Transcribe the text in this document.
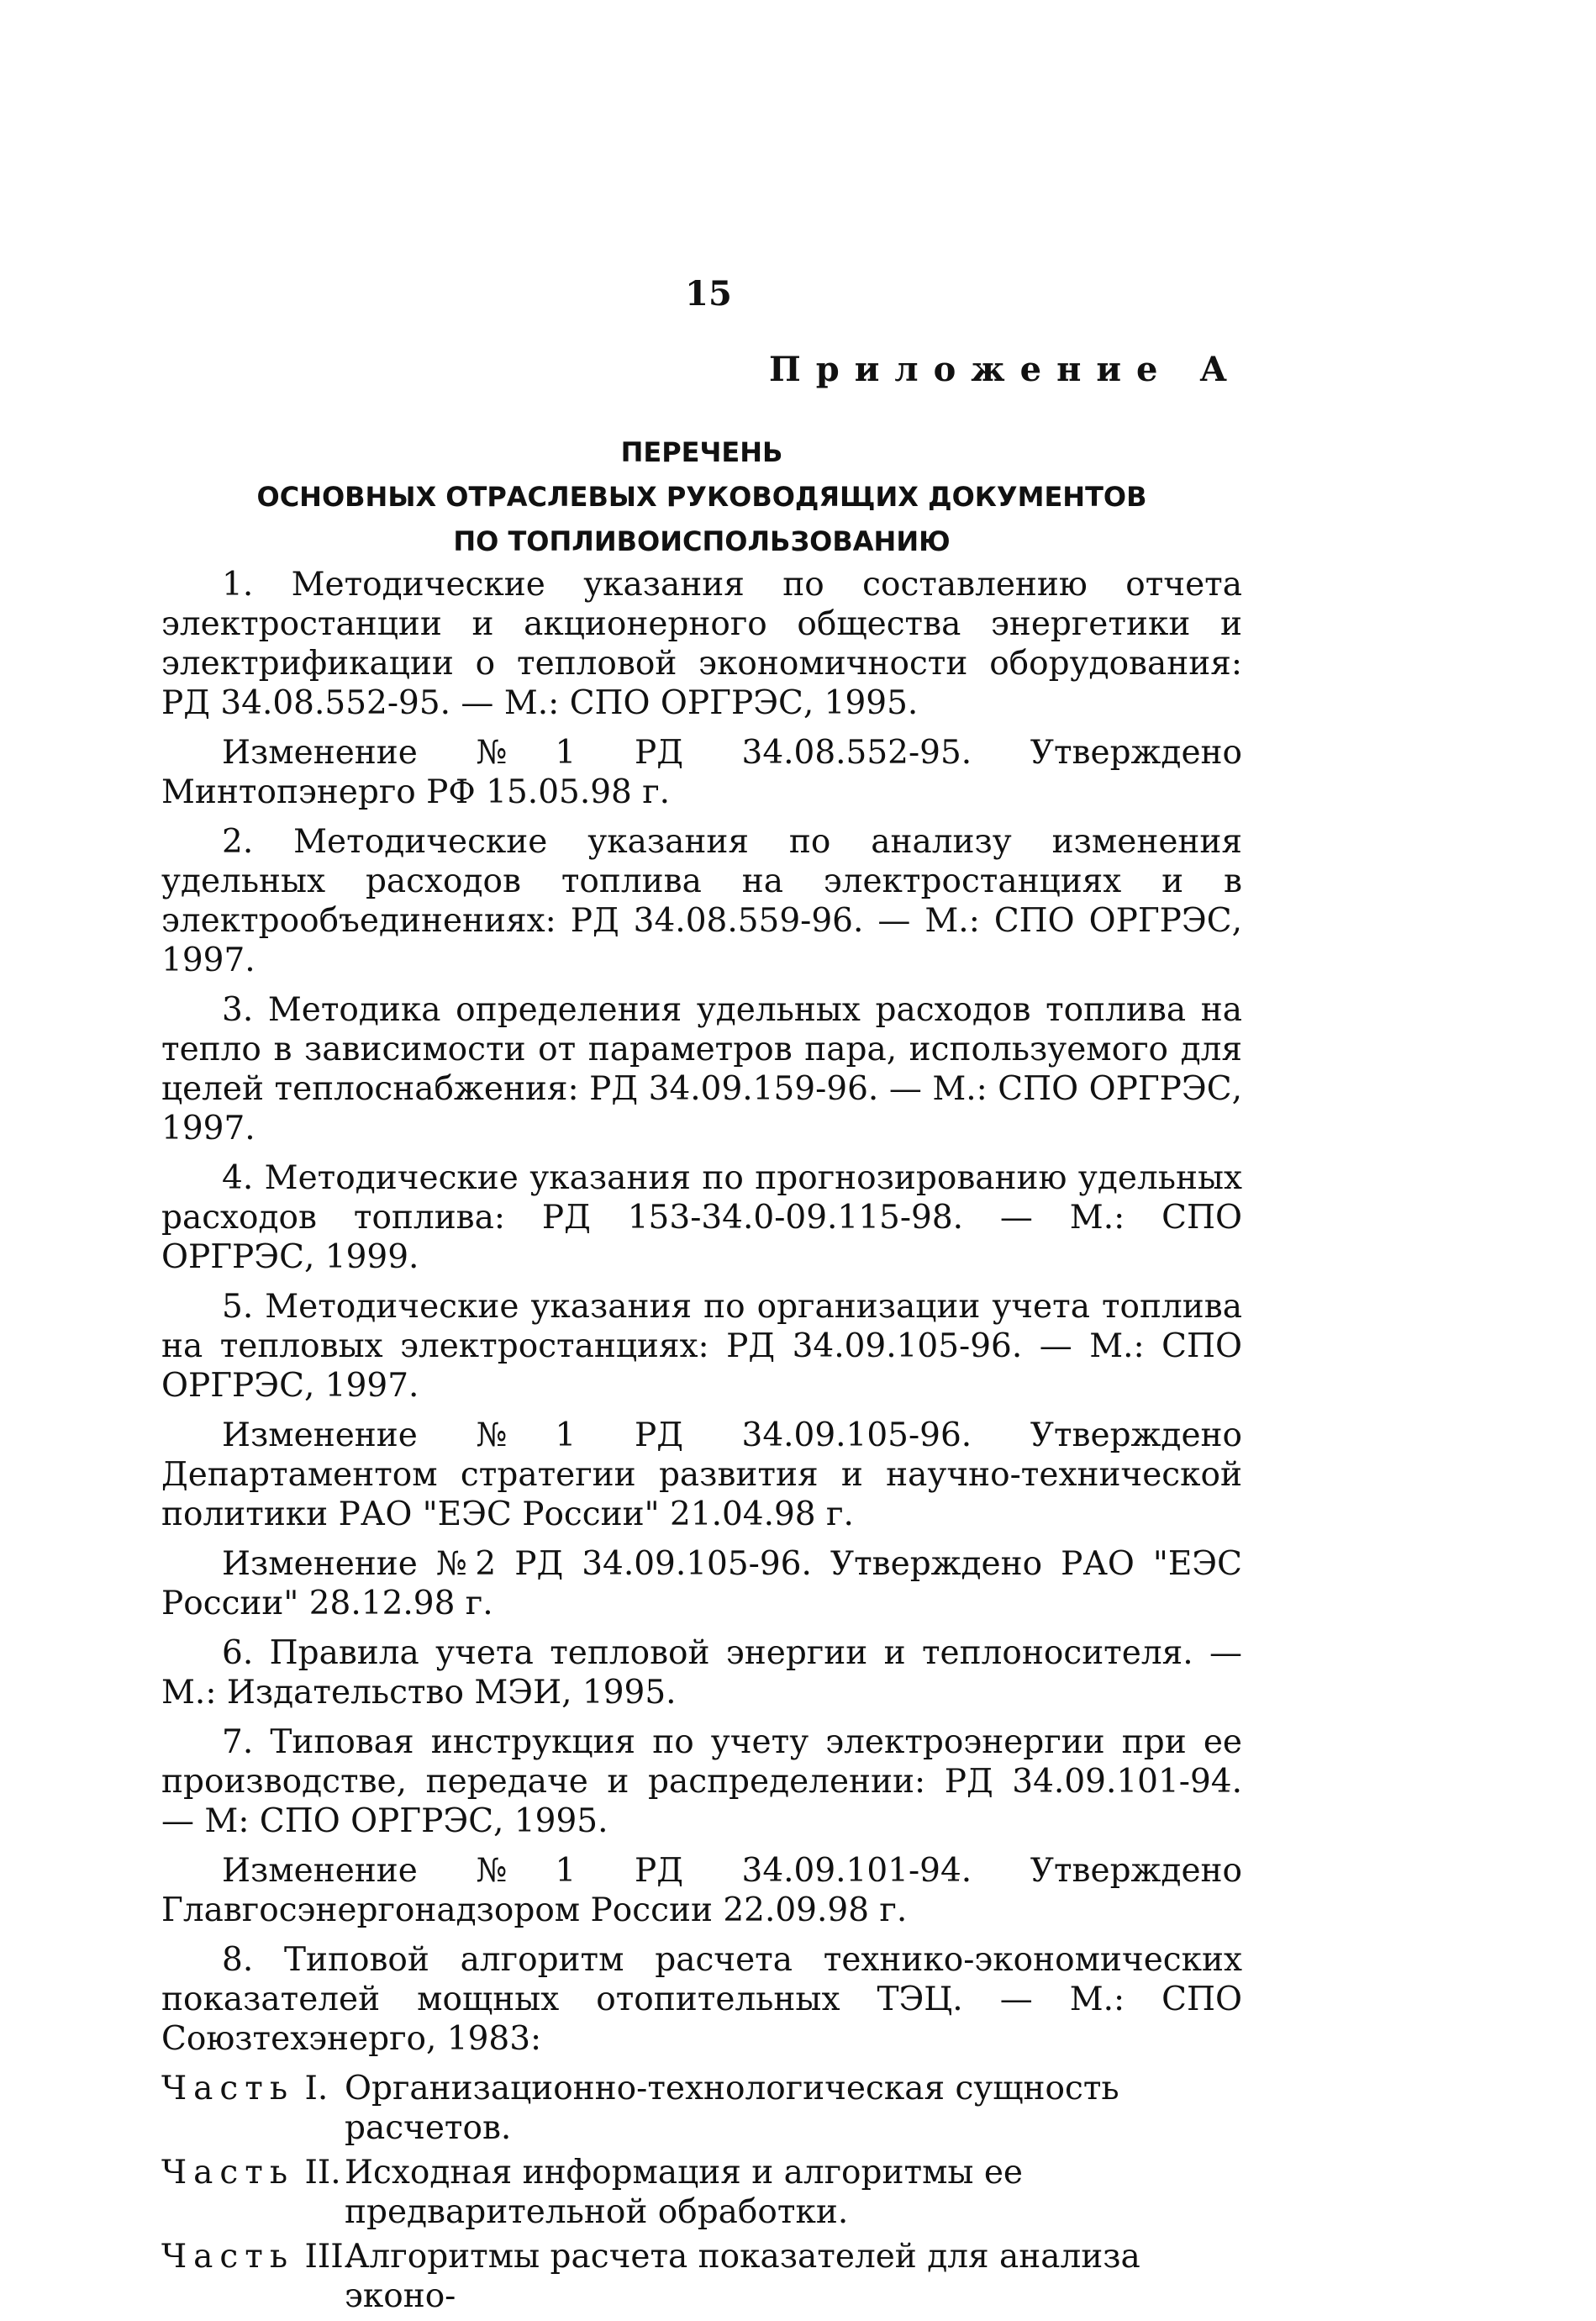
15
Приложение А
ПЕРЕЧЕНЬ
ОСНОВНЫХ ОТРАСЛЕВЫХ РУКОВОДЯЩИХ ДОКУМЕНТОВ
ПО ТОПЛИВОИСПОЛЬЗОВАНИЮ

1. Методические указания по составлению отчета электростанции и акционерного общества энергетики и электрификации о тепловой экономичности оборудования: РД 34.08.552-95. — М.: СПО ОРГРЭС, 1995.

Изменение №1 РД 34.08.552-95. Утверждено Минтопэнерго РФ 15.05.98 г.

2. Методические указания по анализу изменения удельных расходов топлива на электростанциях и в электрообъединениях: РД 34.08.559-96. — М.: СПО ОРГРЭС, 1997.

3. Методика определения удельных расходов топлива на тепло в зависимости от параметров пара, используемого для целей теплоснабжения: РД 34.09.159-96. — М.: СПО ОРГРЭС, 1997.

4. Методические указания по прогнозированию удельных расходов топлива: РД 153-34.0-09.115-98. — М.: СПО ОРГРЭС, 1999.

5. Методические указания по организации учета топлива на тепловых электростанциях: РД 34.09.105-96. — М.: СПО ОРГРЭС, 1997.

Изменение №1 РД 34.09.105-96. Утверждено Департаментом стратегии развития и научно-технической политики РАО "ЕЭС России" 21.04.98 г.

Изменение №2 РД 34.09.105-96. Утверждено РАО "ЕЭС России" 28.12.98 г.

6. Правила учета тепловой энергии и теплоносителя. — М.: Издательство МЭИ, 1995.

7. Типовая инструкция по учету электроэнергии при ее производстве, передаче и распределении: РД 34.09.101-94. — М: СПО ОРГРЭС, 1995.

Изменение №1 РД 34.09.101-94. Утверждено Главгосэнергонадзором России 22.09.98 г.

8. Типовой алгоритм расчета технико-экономических показателей мощных отопительных ТЭЦ. — М.: СПО Союзтехэнерго, 1983:

Часть I. Организационно-технологическая сущность расчетов.
Часть II. Исходная информация и алгоритмы ее предварительной обработки.
Часть III.
Алгоритмы расчета показателей для анализа эконо-
